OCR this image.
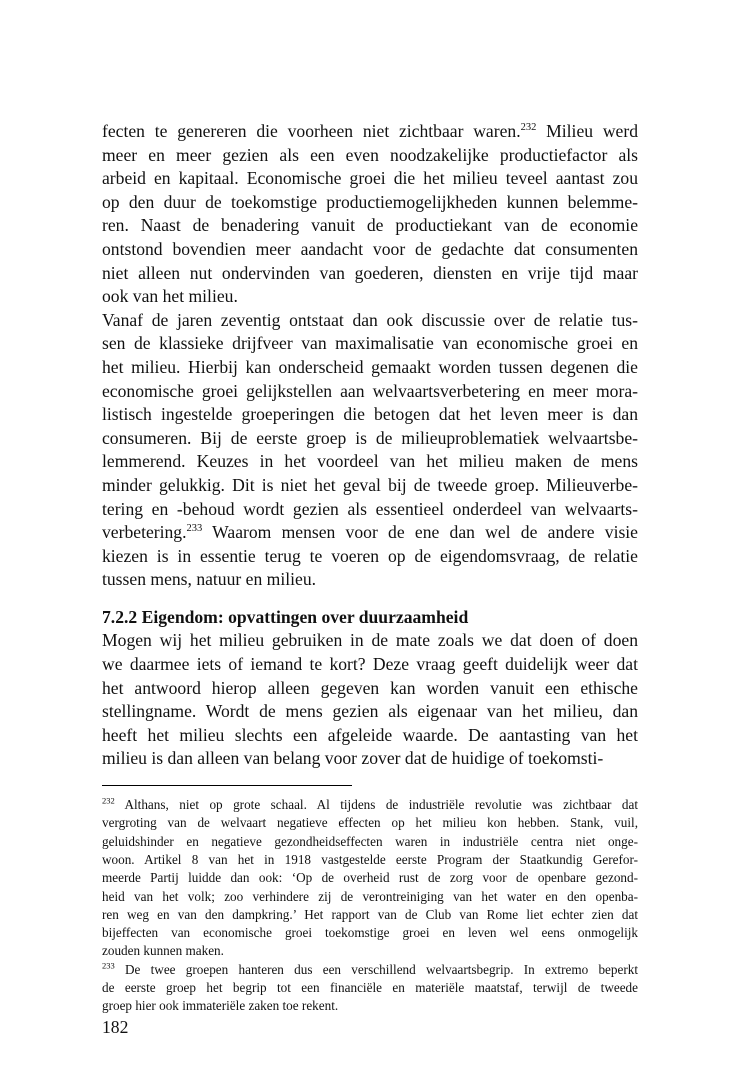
fecten te genereren die voorheen niet zichtbaar waren.$^{232}$ Milieu werd

meer en meer gezien als een even noodzakelijke productiefactor als

arbeid en kapitaal. Economische groei die het milieu teveel aantast zou

op den duur de toekomstige productiemogelijkheden kunnen belemme-

ren. Naast de benadering vanuit de productiekant van de economie

ontstond bovendien meer aandacht voor de gedachte dat consumenten

niet alleen nut ondervinden van goederen, diensten en vrije tijd maar

ook van het milieu.

Vanaf de jaren zeventig ontstaat dan ook discussie over de relatie tus-

sen de klassieke drijfveer van maximalisatie van economische groei en

het milieu. Hierbij kan onderscheid gemaakt worden tussen degenen die

economische groei gelijkstellen aan welvaartsverbetering en meer mora-

listisch ingestelde groeperingen die betogen dat het leven meer is dan

consumeren. Bij de eerste groep is de milieuproblematiek welvaartsbe-

lemmerend. Keuzes in het voordeel van het milieu maken de mens

minder gelukkig. Dit is niet het geval bij de tweede groep. Milieuverbe-

tering en -behoud wordt gezien als essentieel onderdeel van welvaarts-

verbetering.$^{233}$ Waarom mensen voor de ene dan wel de andere visie

kiezen is in essentie terug te voeren op de eigendomsvraag, de relatie

tussen mens, natuur en milieu.

7.2.2 Eigendom: opvattingen over duurzaamheid

Mogen wij het milieu gebruiken in de mate zoals we dat doen of doen

we daarmee iets of iemand te kort? Deze vraag geeft duidelijk weer dat

het antwoord hierop alleen gegeven kan worden vanuit een ethische

stellingname. Wordt de mens gezien als eigenaar van het milieu, dan

heeft het milieu slechts een afgeleide waarde. De aantasting van het

milieu is dan alleen van belang voor zover dat de huidige of toekomsti-

$^{232}$ Althans, niet op grote schaal. Al tijdens de industriële revolutie was zichtbaar dat

vergroting van de welvaart negatieve effecten op het milieu kon hebben. Stank, vuil,

geluidshinder en negatieve gezondheidseffecten waren in industriële centra niet onge-

woon. Artikel 8 van het in 1918 vastgestelde eerste Program der Staatkundig Gerefor-

meerde Partij luidde dan ook: ‘Op de overheid rust de zorg voor de openbare gezond-

heid van het volk; zoo verhindere zij de verontreiniging van het water en den openba-

ren weg en van den dampkring.’ Het rapport van de Club van Rome liet echter zien dat

bijeffecten van economische groei toekomstige groei en leven wel eens onmogelijk

zouden kunnen maken.

$^{233}$ De twee groepen hanteren dus een verschillend welvaartsbegrip. In extremo beperkt

de eerste groep het begrip tot een financiële en materiële maatstaf, terwijl de tweede

groep hier ook immateriële zaken toe rekent.

182
